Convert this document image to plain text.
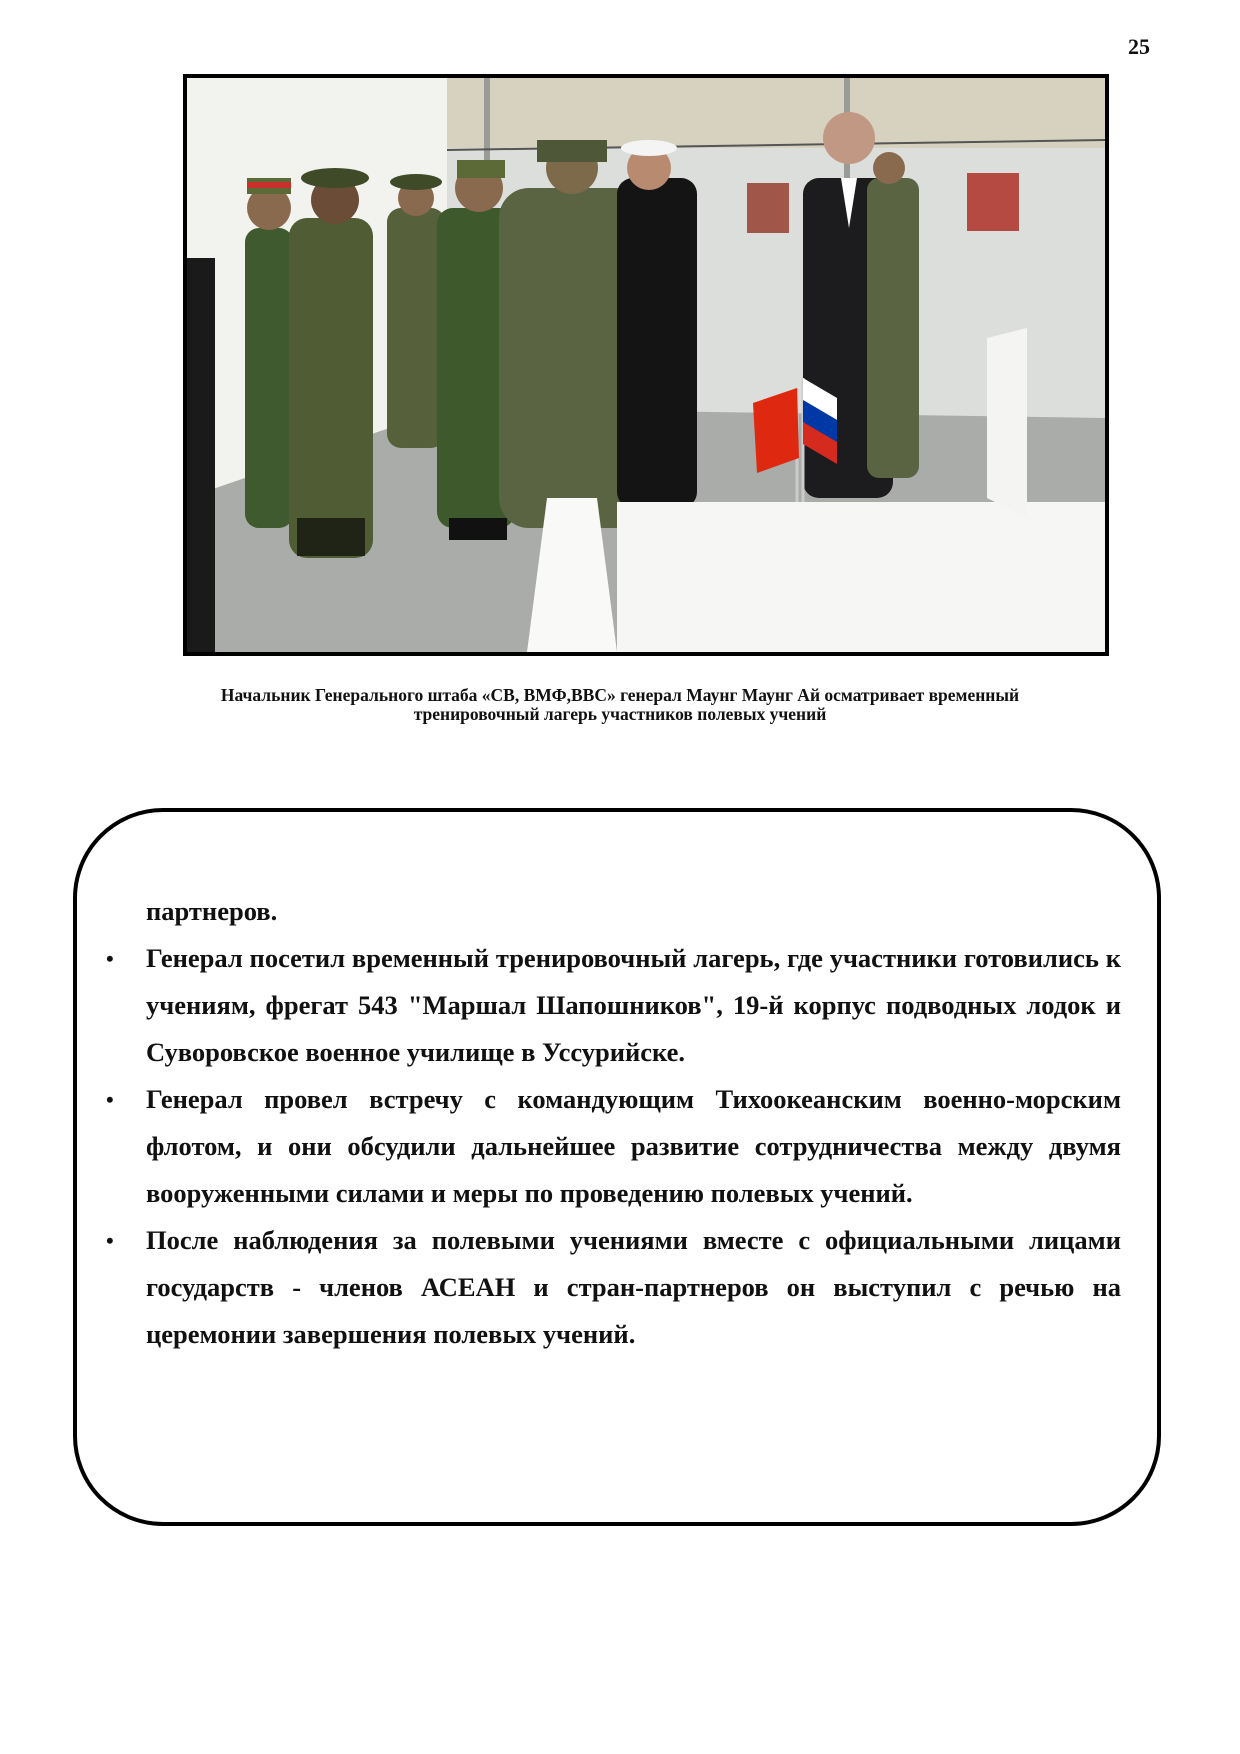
25
Начальник Генерального штаба «СВ, ВМФ,ВВС» генерал Маунг Маунг Ай осматривает временный
тренировочный лагерь участников полевых учений

партнеров.

• Генерал посетил временный тренировочный лагерь, где участники готовились к учениям, фрегат 543 "Маршал Шапошников", 19-й корпус подводных лодок и Суворовское военное училище в Уссурийске.
• Генерал провел встречу с командующим Тихоокеанским военно-морским флотом, и они обсудили дальнейшее развитие сотрудничества между двумя вооруженными силами и меры по проведению полевых учений.
• После наблюдения за полевыми учениями вместе с официальными лицами государств - членов АСЕАН и стран-партнеров он выступил с речью на церемонии завершения полевых учений.
